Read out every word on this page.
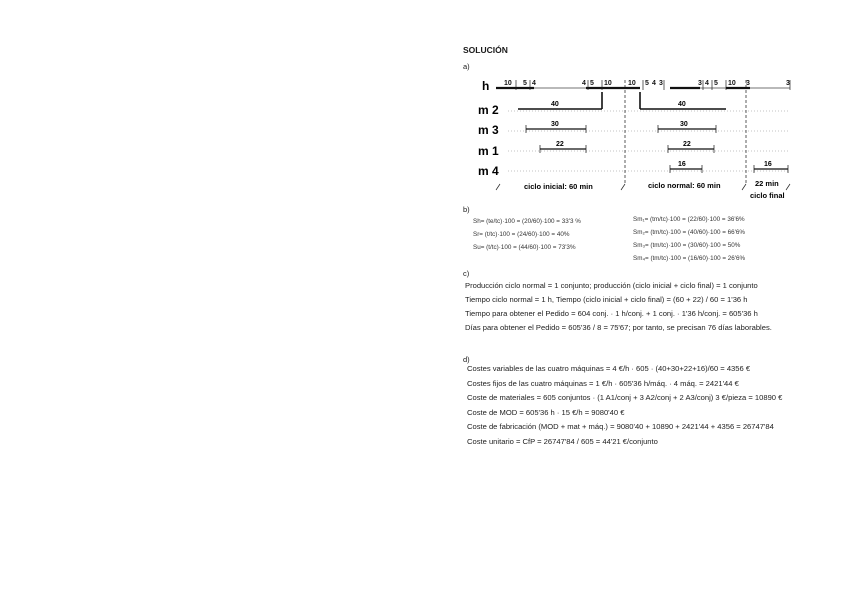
SOLUCIÓN
a)
h
m 2
m 3
m 1
m 4
10 5 4	4 5 10 10 5 4 3	3 4 5 10 3	3
40	40
30	30
22	22
16	16
ciclo inicial: 60 min	ciclo normal: 60 min	22 min
ciclo final
b)
Sh= (te/tc)·100 = (20/60)·100 = 33'3 %
Sr= (t/tc)·100 = (24/60)·100 = 40%
Su= (t/tc)·100 = (44/60)·100 = 73'3%
Sm₁= (tm/tc)·100 = (22/60)·100 = 36'6%
Sm₂= (tm/tc)·100 = (40/60)·100 = 66'6%
Sm₃= (tm/tc)·100 = (30/60)·100 = 50%
Sm₄= (tm/tc)·100 = (16/60)·100 = 26'6%
c)
Producción ciclo normal = 1 conjunto; producción (ciclo inicial + ciclo final) = 1 conjunto
Tiempo ciclo normal = 1 h, Tiempo (ciclo inicial + ciclo final) = (60 + 22) / 60 = 1'36 h
Tiempo para obtener el Pedido = 604 conj. · 1 h/conj. + 1 conj. · 1'36 h/conj. = 605'36 h
Días para obtener el Pedido = 605'36 / 8 = 75'67; por tanto, se precisan 76 días laborables.
d)
Costes variables de las cuatro máquinas = 4 €/h · 605 · (40+30+22+16)/60 = 4356 €
Costes fijos de las cuatro máquinas = 1 €/h · 605'36 h/máq. · 4 máq. = 2421'44 €
Coste de materiales = 605 conjuntos · (1 A1/conj + 3 A2/conj + 2 A3/conj) 3 €/pieza = 10890 €
Coste de MOD = 605'36 h · 15 €/h = 9080'40 €
Coste de fabricación (MOD + mat + máq.) = 9080'40 + 10890 + 2421'44 + 4356 = 26747'84
Coste unitario = CfP = 26747'84 / 605 = 44'21 €/conjunto
